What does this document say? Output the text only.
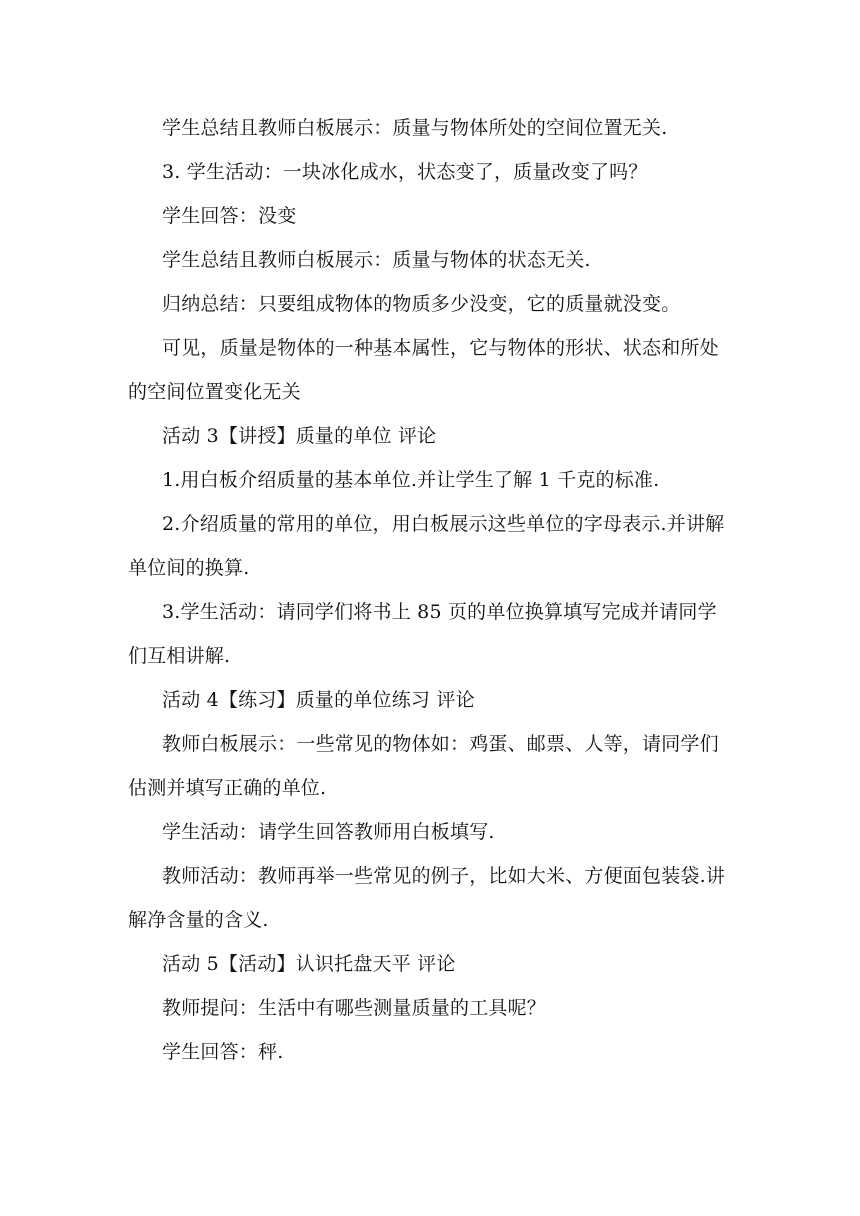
学生总结且教师白板展示：质量与物体所处的空间位置无关.

3. 学生活动：一块冰化成水，状态变了，质量改变了吗？

学生回答：没变

学生总结且教师白板展示：质量与物体的状态无关.

归纳总结：只要组成物体的物质多少没变，它的质量就没变。

可见，质量是物体的一种基本属性，它与物体的形状、状态和所处的空间位置变化无关

活动 3【讲授】质量的单位 评论

1.用白板介绍质量的基本单位.并让学生了解 1 千克的标准.

2.介绍质量的常用的单位，用白板展示这些单位的字母表示.并讲解单位间的换算.

3.学生活动：请同学们将书上 85 页的单位换算填写完成并请同学们互相讲解.

活动 4【练习】质量的单位练习 评论

教师白板展示：一些常见的物体如：鸡蛋、邮票、人等，请同学们估测并填写正确的单位.

学生活动：请学生回答教师用白板填写.

教师活动：教师再举一些常见的例子，比如大米、方便面包装袋.讲解净含量的含义.

活动 5【活动】认识托盘天平 评论

教师提问：生活中有哪些测量质量的工具呢？

学生回答：秤.
